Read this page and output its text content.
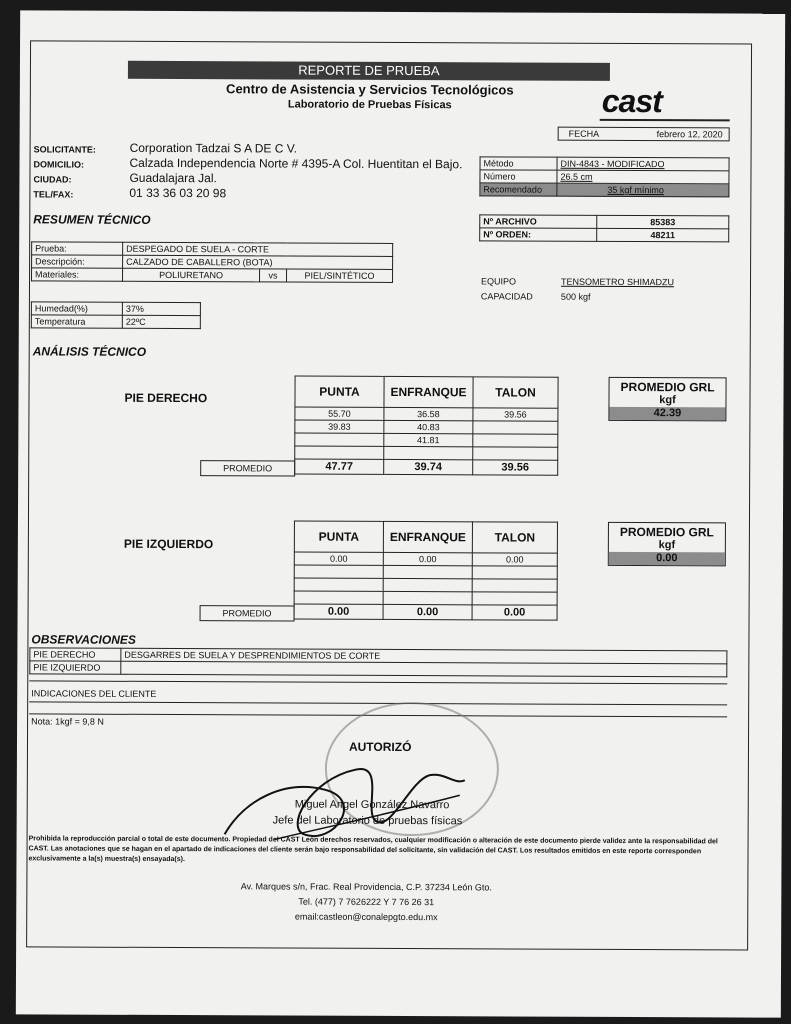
REPORTE DE PRUEBA
Centro de Asistencia y Servicios Tecnológicos
Laboratorio de Pruebas Físicas	cast
FECHA	febrero 12, 2020
SOLICITANTE:	Corporation Tadzai S A DE C V.
DOMICILIO:	Calzada Independencia Norte # 4395-A Col. Huentitan el Bajo.
CIUDAD:	Guadalajara Jal.
TEL/FAX:	01 33 36 03 20 98
Método	DIN-4843 - MODIFICADO
Número	26.5 cm
Recomendado	35 kgf mínimo
RESUMEN TÉCNICO	Nº ARCHIVO	85383
Nº ORDEN:	48211
Prueba:	DESPEGADO DE SUELA - CORTE		
Descripción:	CALZADO DE CABALLERO (BOTA)		
Materiales:	POLIURETANO	vs	PIEL/SINTÉTICO
EQUIPO	TENSOMETRO SHIMADZU
CAPACIDAD	500 kgf
Humedad(%)	37%
Temperatura	22ºC
ANÁLISIS TÉCNICO
PIE DERECHO	PUNTA	ENFRANQUE	TALON
55.70	36.58	39.56
39.83	40.83	
	41.81	

47.77	39.74	39.56
PROMEDIO
PROMEDIO GRL
kgf
42.39
PIE IZQUIERDO
PUNTA	ENFRANQUE	TALON
0.00	0.00	0.00

0.00	0.00	0.00
PROMEDIO
PROMEDIO GRL
kgf
0.00
OBSERVACIONES
PIE DERECHO	DESGARRES DE SUELA Y DESPRENDIMIENTOS DE CORTE
PIE IZQUIERDO	
INDICACIONES DEL CLIENTE
Nota: 1kgf = 9,8 N
AUTORIZÓ
Miguel Angel González Navarro
Jefe del Laboratorio de pruebas físicas
Prohibida la reproducción parcial o total de este documento. Propiedad del CAST León derechos reservados, cualquier modificación o alteración de este documento pierde validez ante la responsabilidad del CAST. Las anotaciones que se hagan en el apartado de indicaciones del cliente serán bajo responsabilidad del solicitante, sin validación del CAST. Los resultados emitidos en este reporte corresponden exclusivamente a la(s) muestra(s) ensayada(s).
Av. Marques s/n, Frac. Real Providencia, C.P. 37234 León Gto.
Tel. (477) 7 7626222 Y 7 76 26 31
email:castleon@conalepgto.edu.mx
